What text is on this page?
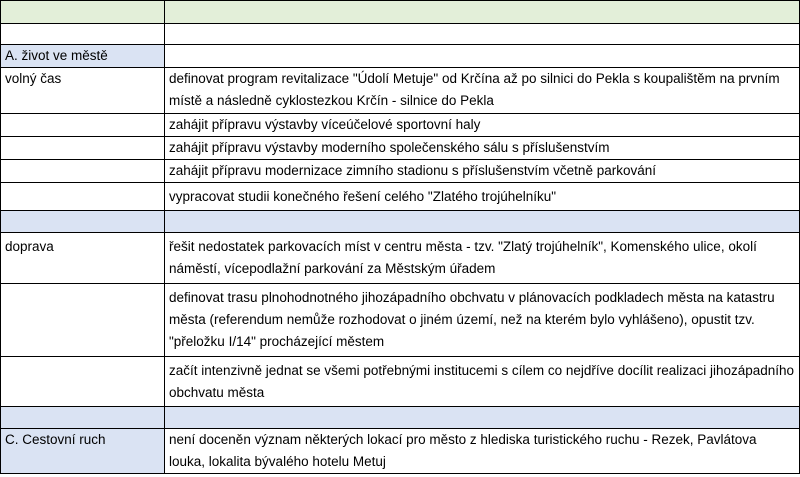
A. život ve městě	
volný čas	definovat program revitalizace "Údolí Metuje" od Krčína až po silnici do Pekla s koupalištěm na prvním místě a následně cyklostezkou Krčín - silnice do Pekla
	zahájit přípravu výstavby víceúčelové sportovní haly
	zahájit přípravu výstavby moderního společenského sálu s příslušenstvím
	zahájit přípravu modernizace zimního stadionu s příslušenstvím včetně parkování
	vypracovat studii konečného řešení celého "Zlatého trojúhelníku"

doprava	řešit nedostatek parkovacích míst v centru města - tzv. "Zlatý trojúhelník", Komenského ulice, okolí náměstí, vícepodlažní parkování za Městským úřadem
	definovat trasu plnohodnotného jihozápadního obchvatu v plánovacích podkladech města na katastru města (referendum nemůže rozhodovat o jiném území, než na kterém bylo vyhlášeno), opustit tzv. "přeložku I/14" procházející městem
	začít intenzivně jednat se všemi potřebnými institucemi s cílem co nejdříve docílit realizaci jihozápadního obchvatu města

C. Cestovní ruch	není doceněn význam některých lokací pro město z hlediska turistického ruchu - Rezek, Pavlátova louka, lokalita bývalého hotelu Metuj
